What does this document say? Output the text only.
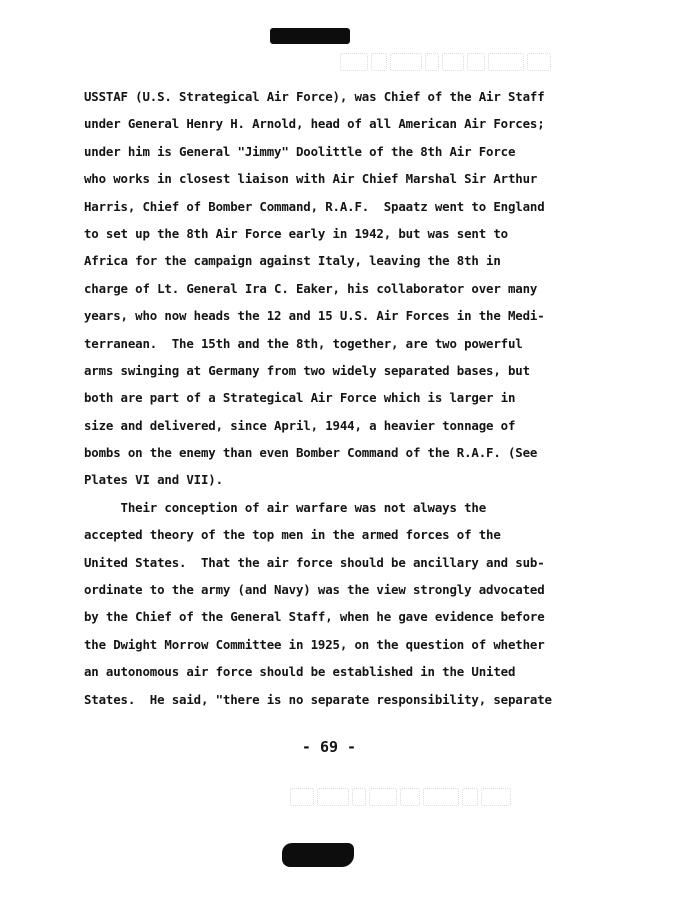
USSTAF (U.S. Strategical Air Force), was Chief of the Air Staff
under General Henry H. Arnold, head of all American Air Forces;
under him is General "Jimmy" Doolittle of the 8th Air Force
who works in closest liaison with Air Chief Marshal Sir Arthur
Harris, Chief of Bomber Command, R.A.F.  Spaatz went to England
to set up the 8th Air Force early in 1942, but was sent to
Africa for the campaign against Italy, leaving the 8th in
charge of Lt. General Ira C. Eaker, his collaborator over many
years, who now heads the 12 and 15 U.S. Air Forces in the Medi-
terranean.  The 15th and the 8th, together, are two powerful
arms swinging at Germany from two widely separated bases, but
both are part of a Strategical Air Force which is larger in
size and delivered, since April, 1944, a heavier tonnage of
bombs on the enemy than even Bomber Command of the R.A.F. (See
Plates VI and VII).
Their conception of air warfare was not always the
accepted theory of the top men in the armed forces of the
United States.  That the air force should be ancillary and sub-
ordinate to the army (and Navy) was the view strongly advocated
by the Chief of the General Staff, when he gave evidence before
the Dwight Morrow Committee in 1925, on the question of whether
an autonomous air force should be established in the United
States.  He said, "there is no separate responsibility, separate
- 69 -
